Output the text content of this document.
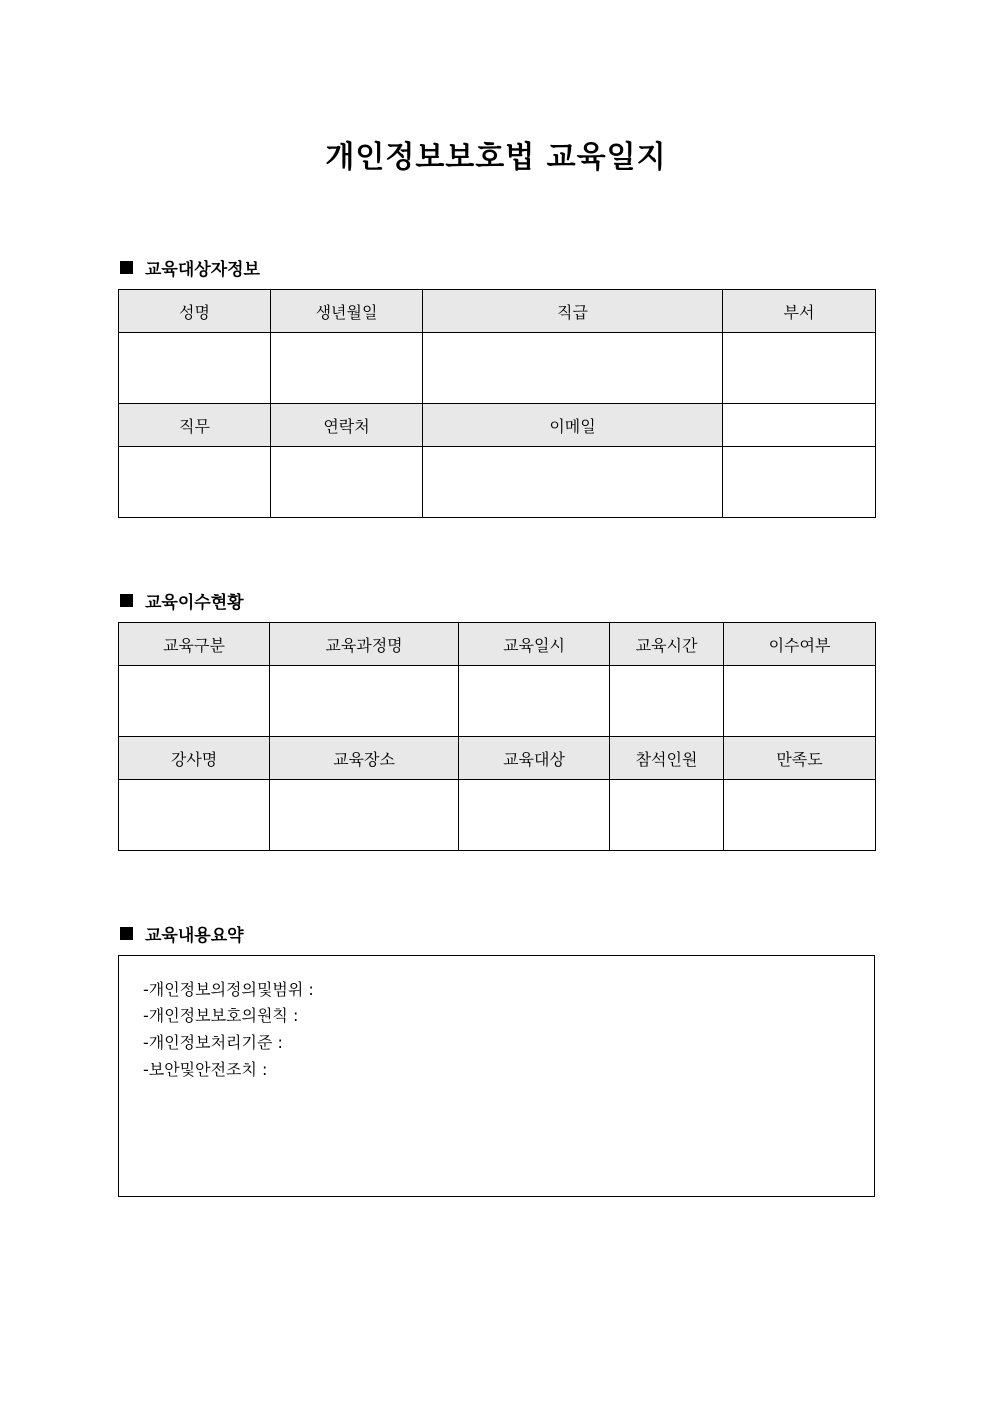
개인정보보호법 교육일지
교육대상자정보
성명	생년월일	직급	부서

직무	연락처	이메일	

교육이수현황
교육구분	교육과정명	교육일시	교육시간	이수여부

강사명	교육장소	교육대상	참석인원	만족도

교육내용요약
-개인정보의정의및범위 :
-개인정보보호의원칙 :
-개인정보처리기준 :
-보안및안전조치 :
